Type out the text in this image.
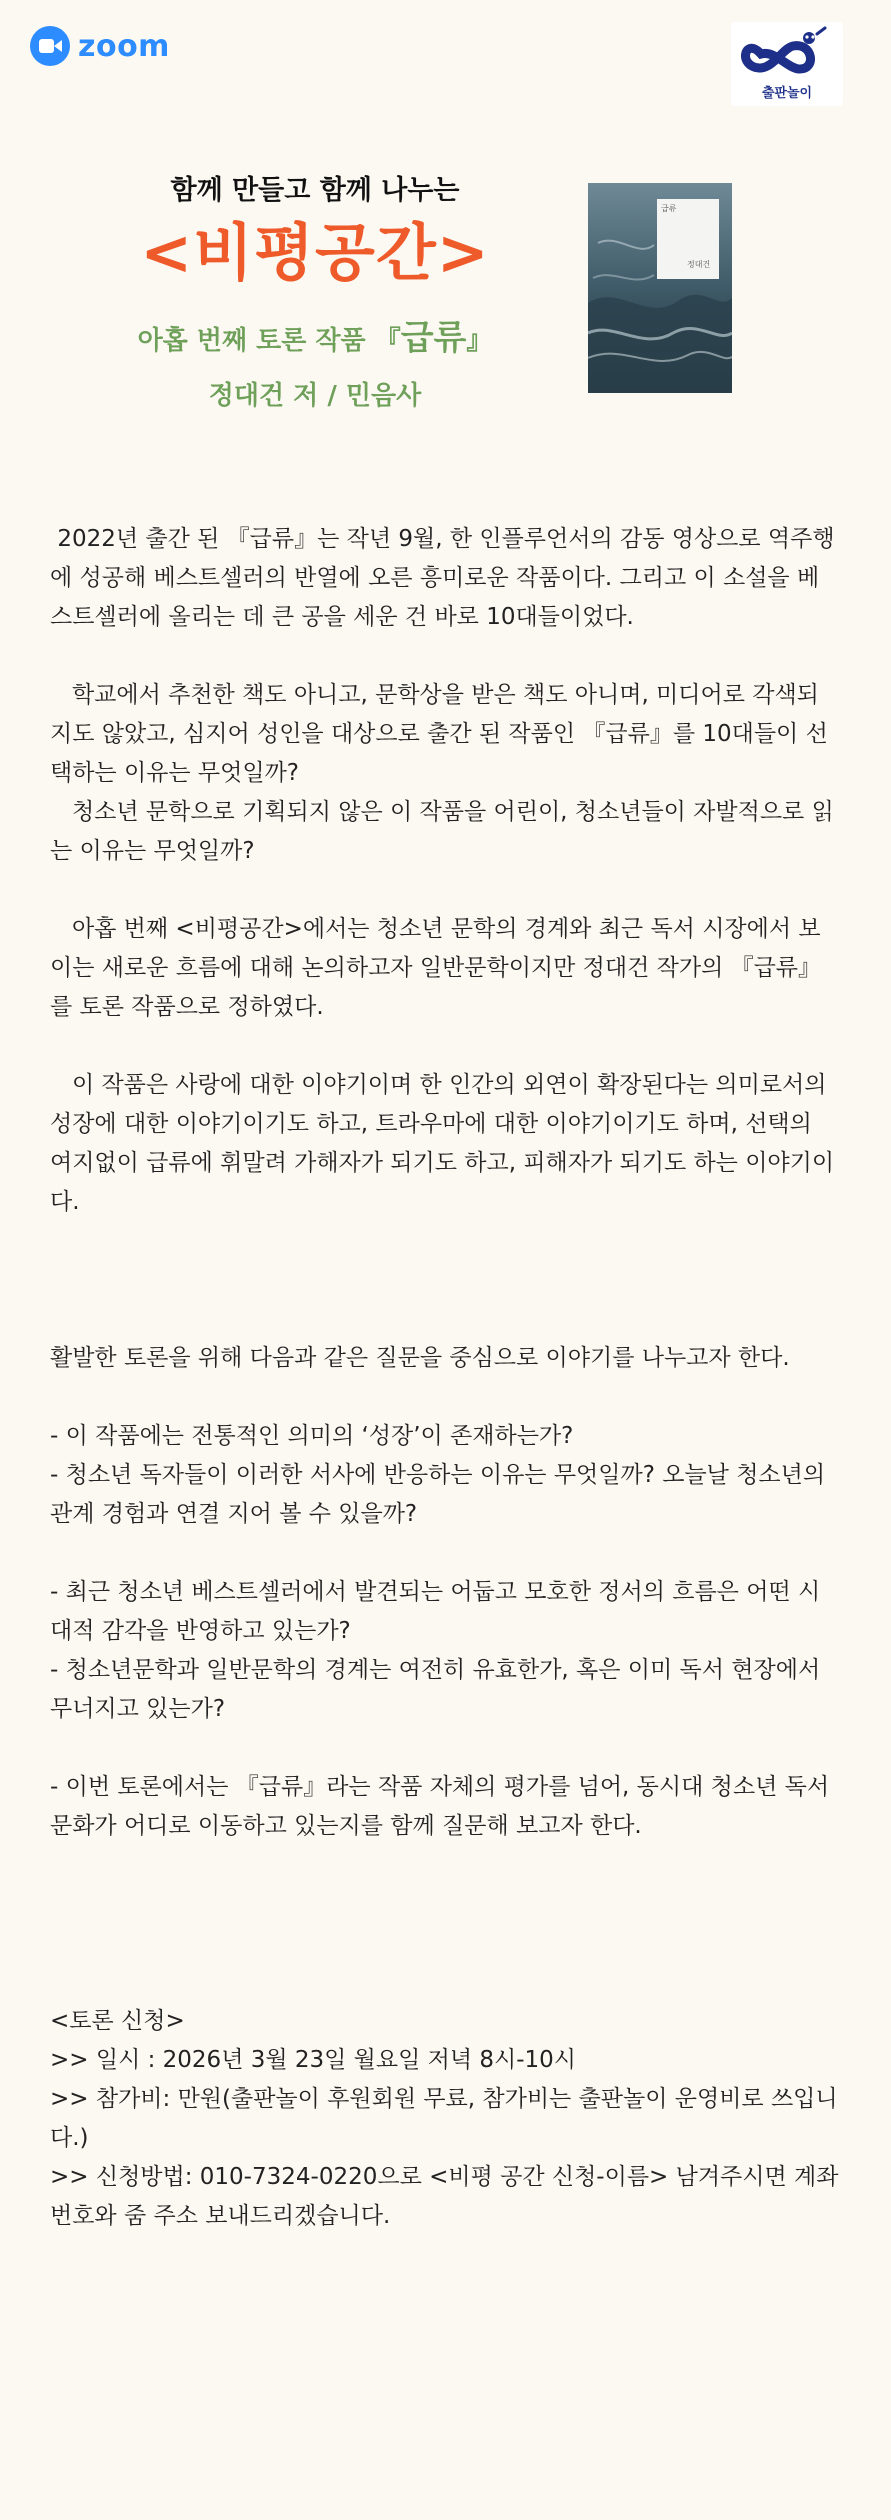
zoom
출판놀이

함께 만들고 함께 나누는

<비평공간>

아홉 번째 토론 작품 『급류』

정대건 저 / 민음사

급류
정대건

2022년 출간 된 『급류』는 작년 9월, 한 인플루언서의 감동 영상으로 역주행에 성공해 베스트셀러의 반열에 오른 흥미로운 작품이다. 그리고 이 소설을 베스트셀러에 올리는 데 큰 공을 세운 건 바로 10대들이었다.

학교에서 추천한 책도 아니고, 문학상을 받은 책도 아니며, 미디어로 각색되지도 않았고, 심지어 성인을 대상으로 출간 된 작품인 『급류』를 10대들이 선택하는 이유는 무엇일까?
청소년 문학으로 기획되지 않은 이 작품을 어린이, 청소년들이 자발적으로 읽는 이유는 무엇일까?

아홉 번째 <비평공간>에서는 청소년 문학의 경계와 최근 독서 시장에서 보이는 새로운 흐름에 대해 논의하고자 일반문학이지만 정대건 작가의 『급류』를 토론 작품으로 정하였다.

이 작품은 사랑에 대한 이야기이며 한 인간의 외연이 확장된다는 의미로서의 성장에 대한 이야기이기도 하고, 트라우마에 대한 이야기이기도 하며, 선택의 여지없이 급류에 휘말려 가해자가 되기도 하고, 피해자가 되기도 하는 이야기이다.

활발한 토론을 위해 다음과 같은 질문을 중심으로 이야기를 나누고자 한다.

- 이 작품에는 전통적인 의미의 ‘성장’이 존재하는가?
- 청소년 독자들이 이러한 서사에 반응하는 이유는 무엇일까? 오늘날 청소년의 관계 경험과 연결 지어 볼 수 있을까?

- 최근 청소년 베스트셀러에서 발견되는 어둡고 모호한 정서의 흐름은 어떤 시대적 감각을 반영하고 있는가?
- 청소년문학과 일반문학의 경계는 여전히 유효한가, 혹은 이미 독서 현장에서 무너지고 있는가?

- 이번 토론에서는 『급류』라는 작품 자체의 평가를 넘어, 동시대 청소년 독서 문화가 어디로 이동하고 있는지를 함께 질문해 보고자 한다.

<토론 신청>

>> 일시 : 2026년 3월 23일 월요일 저녁 8시-10시

>> 참가비: 만원(출판놀이 후원회원 무료, 참가비는 출판놀이 운영비로 쓰입니다.)

>> 신청방법: 010-7324-0220으로 <비평 공간 신청-이름> 남겨주시면 계좌번호와 줌 주소 보내드리겠습니다.
